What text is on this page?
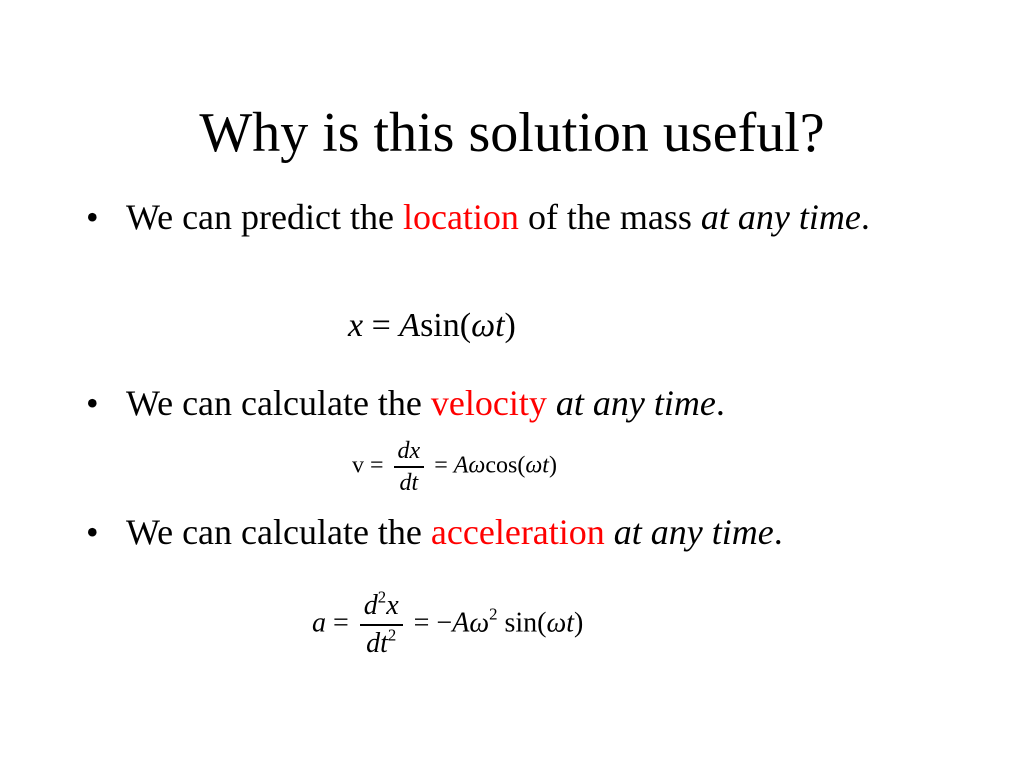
Why is this solution useful?
• We can predict the location of the mass at any time.
x = Asin(ωt)
• We can calculate the velocity at any time.
$v = \frac{dx}{dt} = A\omega\cos(\omega t)$
• We can calculate the acceleration at any time.
$a = \frac{d^2x}{dt^2} = -A\omega^2$ sin(ωt)
